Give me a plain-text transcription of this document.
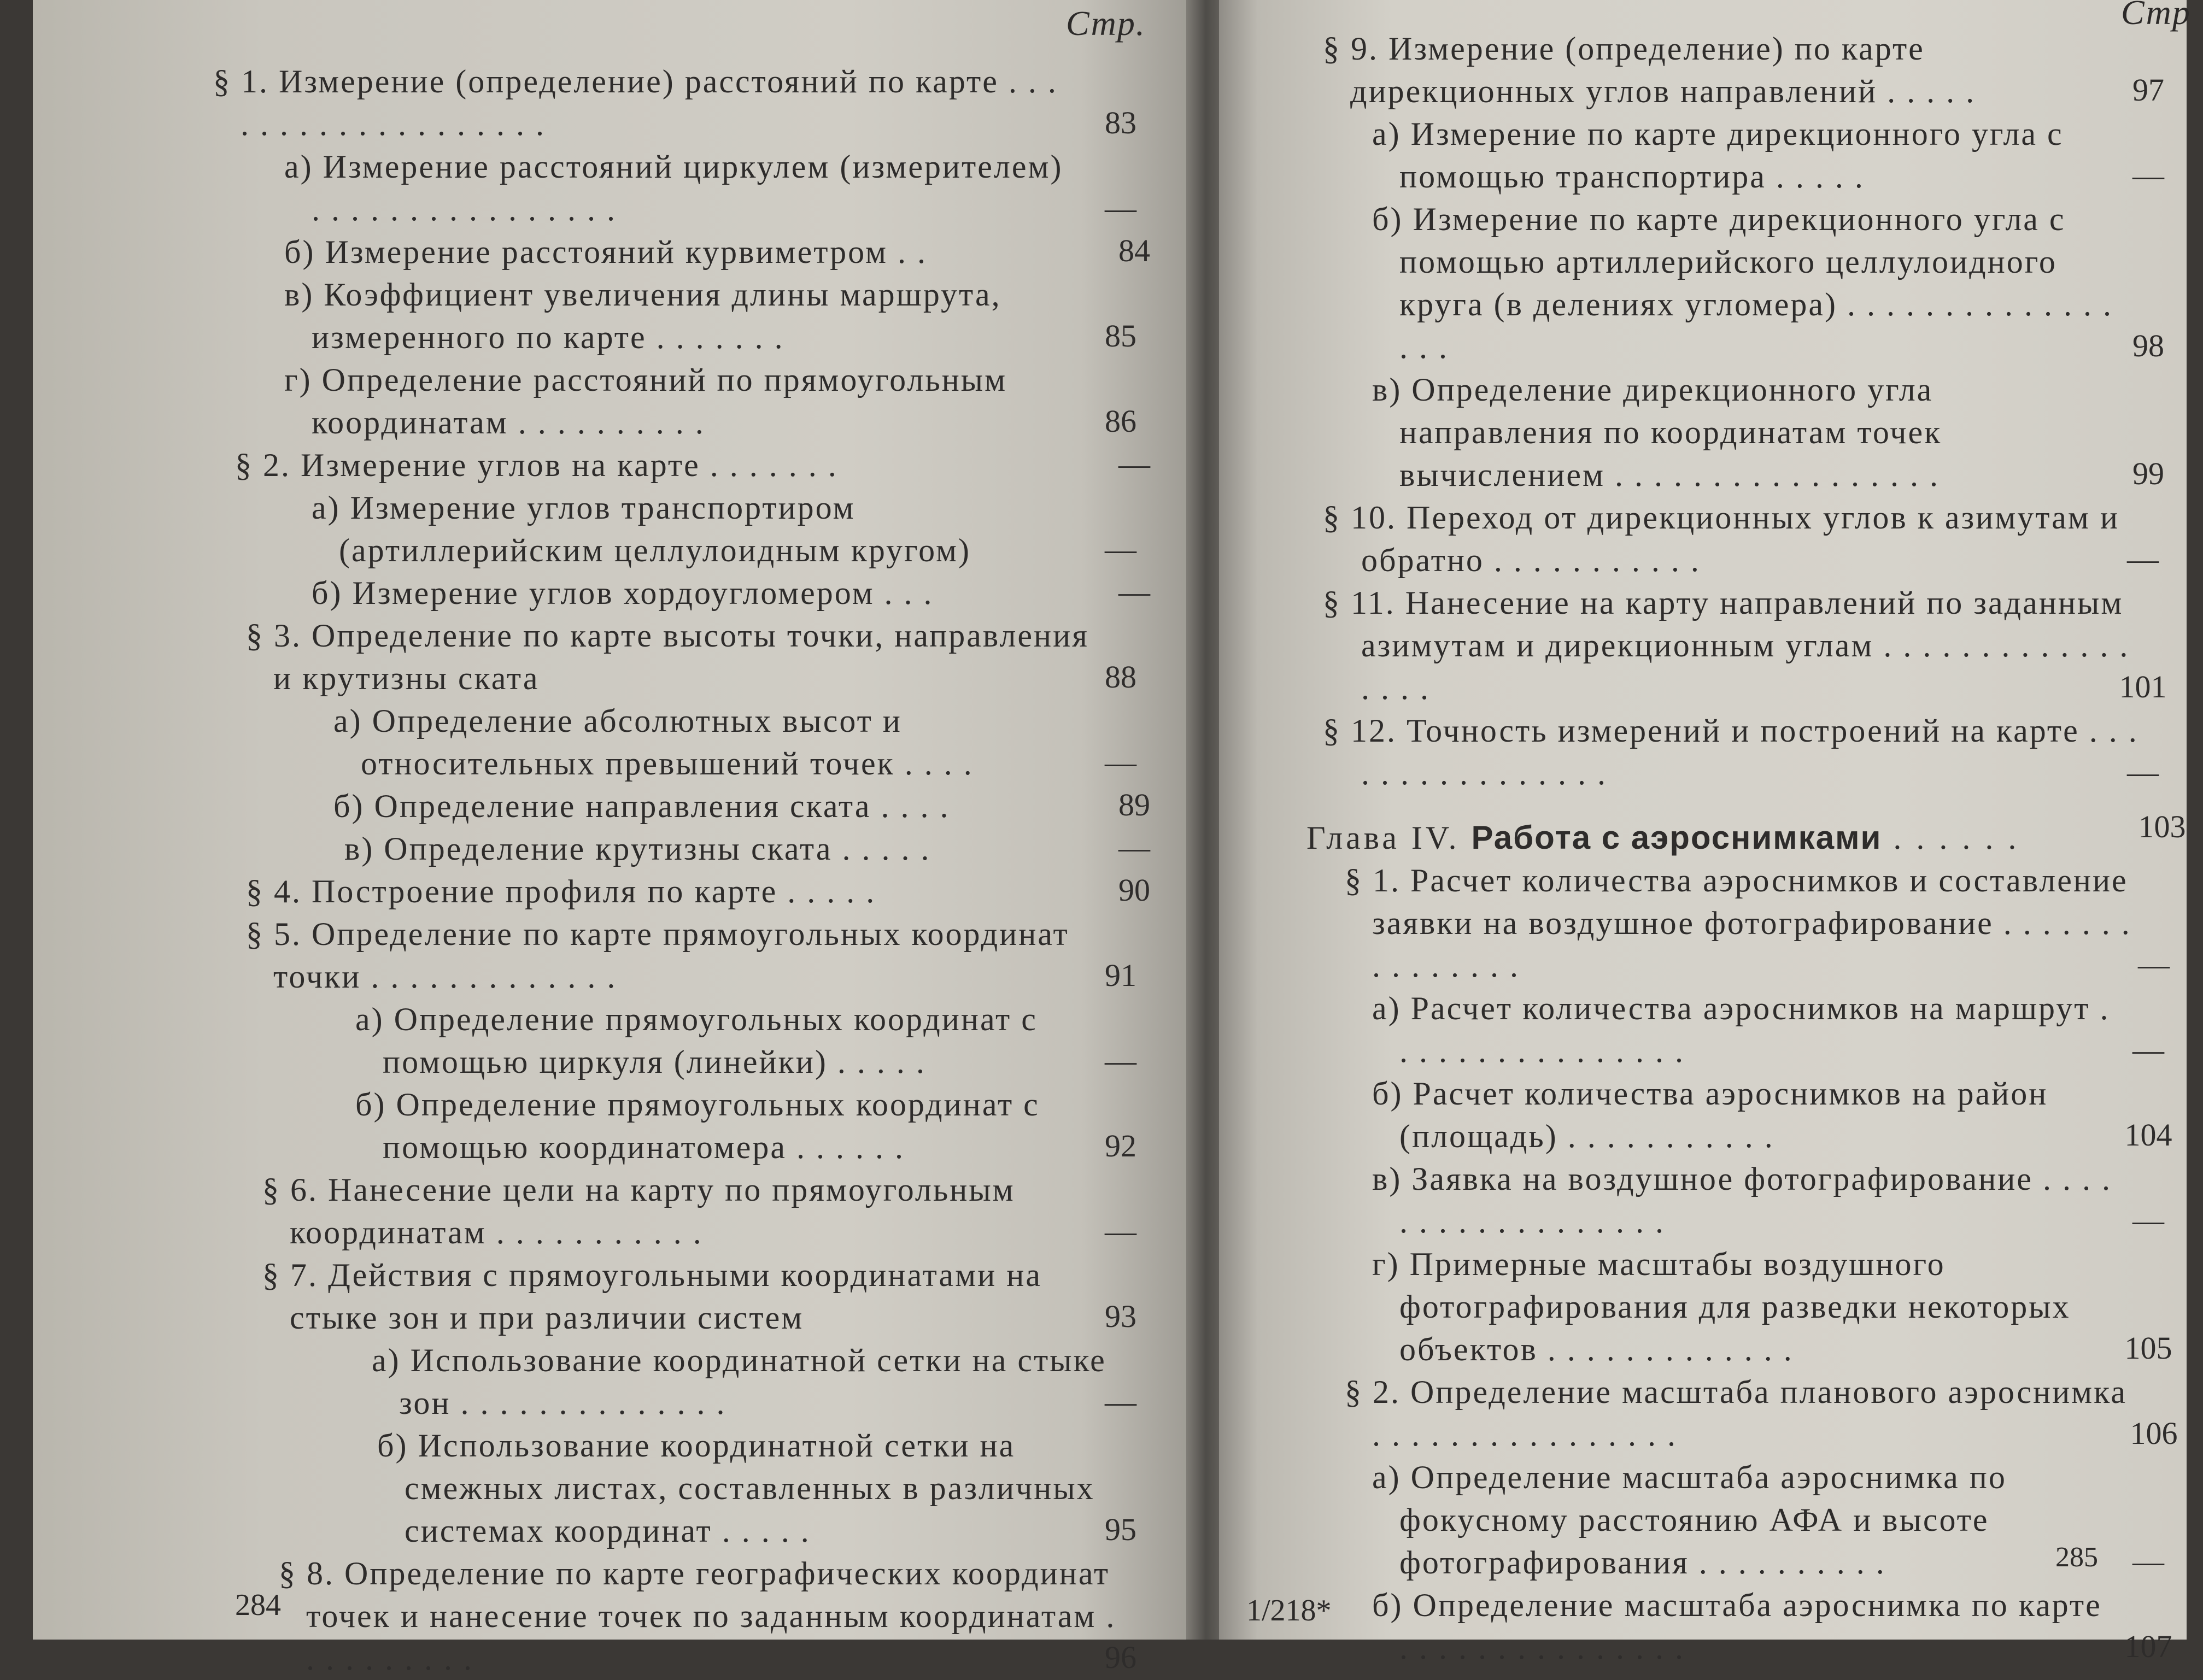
Стр.
§ 1. Измерение (определение) расстояний по карте . . . . . . . . . . . . . . . . . . .	83
а) Измерение расстояний циркулем (измерителем) . . . . . . . . . . . . . . . .	—
б) Измерение расстояний курвиметром . .	84
в) Коэффициент увеличения длины маршрута, измеренного по карте . . . . . . .	85
г) Определение расстояний по прямоугольным координатам . . . . . . . . . .	86
§ 2. Измерение углов на карте . . . . . . .	—
а) Измерение углов транспортиром (артиллерийским целлулоидным кругом)	—
б) Измерение углов хордоугломером . . .	—
§ 3. Определение по карте высоты точки, направления и крутизны ската	88
а) Определение абсолютных высот и относительных превышений точек . . . .	—
б) Определение направления ската . . . .	89
в) Определение крутизны ската . . . . .	—
§ 4. Построение профиля по карте . . . . .	90
§ 5. Определение по карте прямоугольных координат точки . . . . . . . . . . . . .	91
а) Определение прямоугольных координат с помощью циркуля (линейки) . . . . .	—
б) Определение прямоугольных координат с помощью координатомера . . . . . .	92
§ 6. Нанесение цели на карту по прямоугольным координатам . . . . . . . . . . .	—
§ 7. Действия с прямоугольными координатами на стыке зон и при различии систем	93
а) Использование координатной сетки на стыке зон . . . . . . . . . . . . . .	—
б) Использование координатной сетки на смежных листах, составленных в различных системах координат . . . . .	95
§ 8. Определение по карте географических координат точек и нанесение точек по заданным координатам . . . . . . . . . .	96
284
Стр
§ 9. Измерение (определение) по карте дирекционных углов направлений . . . . .	97
а) Измерение по карте дирекционного угла с помощью транспортира . . . . .	—
б) Измерение по карте дирекционного угла с помощью артиллерийского целлулоидного круга (в делениях угломера) . . . . . . . . . . . . . . . . .	98
в) Определение дирекционного угла направления по координатам точек вычислением . . . . . . . . . . . . . . . . .	99
§ 10. Переход от дирекционных углов к азимутам и обратно . . . . . . . . . . .	—
§ 11. Нанесение на карту направлений по заданным азимутам и дирекционным углам . . . . . . . . . . . . . . . . .	101
§ 12. Точность измерений и построений на карте . . . . . . . . . . . . . . . .	—
Глава IV. Работа с аэроснимками . . . . . .	103
§ 1. Расчет количества аэроснимков и составление заявки на воздушное фотографирование . . . . . . . . . . . . . . .	—
а) Расчет количества аэроснимков на маршрут . . . . . . . . . . . . . . . .	—
б) Расчет количества аэроснимков на район (площадь) . . . . . . . . . . .	104
в) Заявка на воздушное фотографирование . . . . . . . . . . . . . . . . . .	—
г) Примерные масштабы воздушного фотографирования для разведки некоторых объектов . . . . . . . . . . . . .	105
§ 2. Определение масштаба планового аэроснимка . . . . . . . . . . . . . . . .	106
а) Определение масштаба аэроснимка по фокусному расстоянию АФА и высоте фотографирования . . . . . . . . . .	—
б) Определение масштаба аэроснимка по карте . . . . . . . . . . . . . . .	107
1/218*
285
